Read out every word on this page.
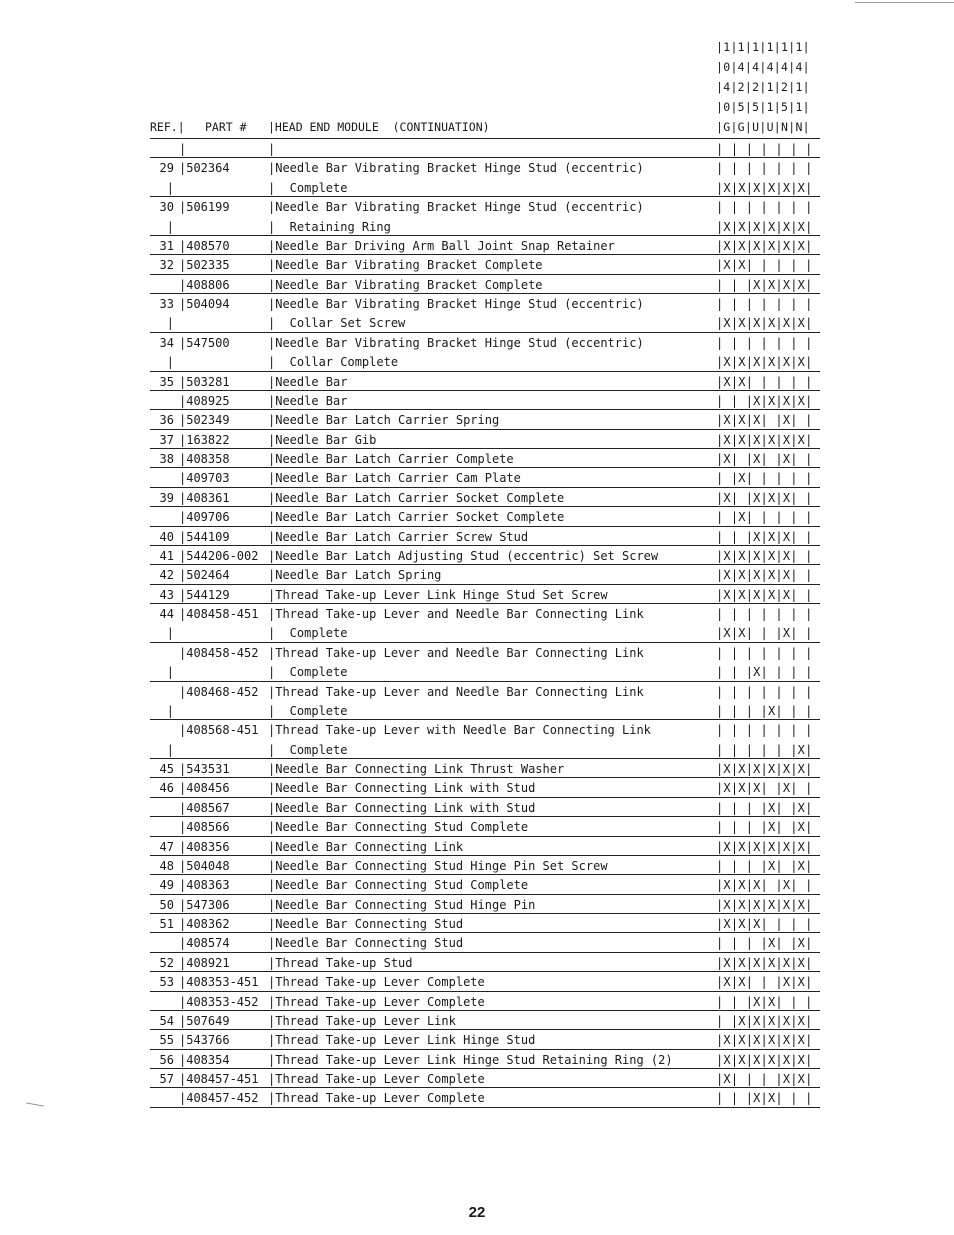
|1|1|1|1|1|1|
|0|4|4|4|4|4|
|4|2|2|1|2|1|
|0|5|5|1|5|1|
|G|G|U|U|N|N|
REF.| PART # |HEAD END MODULE  (CONTINUATION)
|	|	| | | | | | |
29 |502364	|Needle Bar Vibrating Bracket Hinge Stud (eccentric)	| | | | | | |
|	|  Complete	|X|X|X|X|X|X|
30 |506199	|Needle Bar Vibrating Bracket Hinge Stud (eccentric)	| | | | | | |
|	|  Retaining Ring	|X|X|X|X|X|X|
31 |408570	|Needle Bar Driving Arm Ball Joint Snap Retainer	|X|X|X|X|X|X|
32 |502335	|Needle Bar Vibrating Bracket Complete	|X|X| | | | |
|408806	|Needle Bar Vibrating Bracket Complete	| | |X|X|X|X|
33 |504094	|Needle Bar Vibrating Bracket Hinge Stud (eccentric)	| | | | | | |
|	|  Collar Set Screw	|X|X|X|X|X|X|
34 |547500	|Needle Bar Vibrating Bracket Hinge Stud (eccentric)	| | | | | | |
|	|  Collar Complete	|X|X|X|X|X|X|
35 |503281	|Needle Bar	|X|X| | | | |
|408925	|Needle Bar	| | |X|X|X|X|
36 |502349	|Needle Bar Latch Carrier Spring	|X|X|X| |X| |
37 |163822	|Needle Bar Gib	|X|X|X|X|X|X|
38 |408358	|Needle Bar Latch Carrier Complete	|X| |X| |X| |
|409703	|Needle Bar Latch Carrier Cam Plate	| |X| | | | |
39 |408361	|Needle Bar Latch Carrier Socket Complete	|X| |X|X|X| |
|409706	|Needle Bar Latch Carrier Socket Complete	| |X| | | | |
40 |544109	|Needle Bar Latch Carrier Screw Stud	| | |X|X|X| |
41 |544206-002 |Needle Bar Latch Adjusting Stud (eccentric) Set Screw	|X|X|X|X|X| |
42 |502464	|Needle Bar Latch Spring	|X|X|X|X|X| |
43 |544129	|Thread Take-up Lever Link Hinge Stud Set Screw	|X|X|X|X|X| |
44 |408458-451 |Thread Take-up Lever and Needle Bar Connecting Link	| | | | | | |
|	|  Complete	|X|X| | |X| |
|408458-452 |Thread Take-up Lever and Needle Bar Connecting Link	| | | | | | |
|	|  Complete	| | |X| | | |
|408468-452 |Thread Take-up Lever and Needle Bar Connecting Link	| | | | | | |
|	|  Complete	| | | |X| | |
|408568-451 |Thread Take-up Lever with Needle Bar Connecting Link	| | | | | | |
|	|  Complete	| | | | | |X|
45 |543531	|Needle Bar Connecting Link Thrust Washer	|X|X|X|X|X|X|
46 |408456	|Needle Bar Connecting Link with Stud	|X|X|X| |X| |
|408567	|Needle Bar Connecting Link with Stud	| | | |X| |X|
|408566	|Needle Bar Connecting Stud Complete	| | | |X| |X|
47 |408356	|Needle Bar Connecting Link	|X|X|X|X|X|X|
48 |504048	|Needle Bar Connecting Stud Hinge Pin Set Screw	| | | |X| |X|
49 |408363	|Needle Bar Connecting Stud Complete	|X|X|X| |X| |
50 |547306	|Needle Bar Connecting Stud Hinge Pin	|X|X|X|X|X|X|
51 |408362	|Needle Bar Connecting Stud	|X|X|X| | | |
|408574	|Needle Bar Connecting Stud	| | | |X| |X|
52 |408921	|Thread Take-up Stud	|X|X|X|X|X|X|
53 |408353-451 |Thread Take-up Lever Complete	|X|X| | |X|X|
|408353-452 |Thread Take-up Lever Complete	| | |X|X| | |
54 |507649	|Thread Take-up Lever Link	| |X|X|X|X|X|
55 |543766	|Thread Take-up Lever Link Hinge Stud	|X|X|X|X|X|X|
56 |408354	|Thread Take-up Lever Link Hinge Stud Retaining Ring (2)	|X|X|X|X|X|X|
57 |408457-451 |Thread Take-up Lever Complete	|X| | | |X|X|
|408457-452 |Thread Take-up Lever Complete	| | |X|X| | |
22
